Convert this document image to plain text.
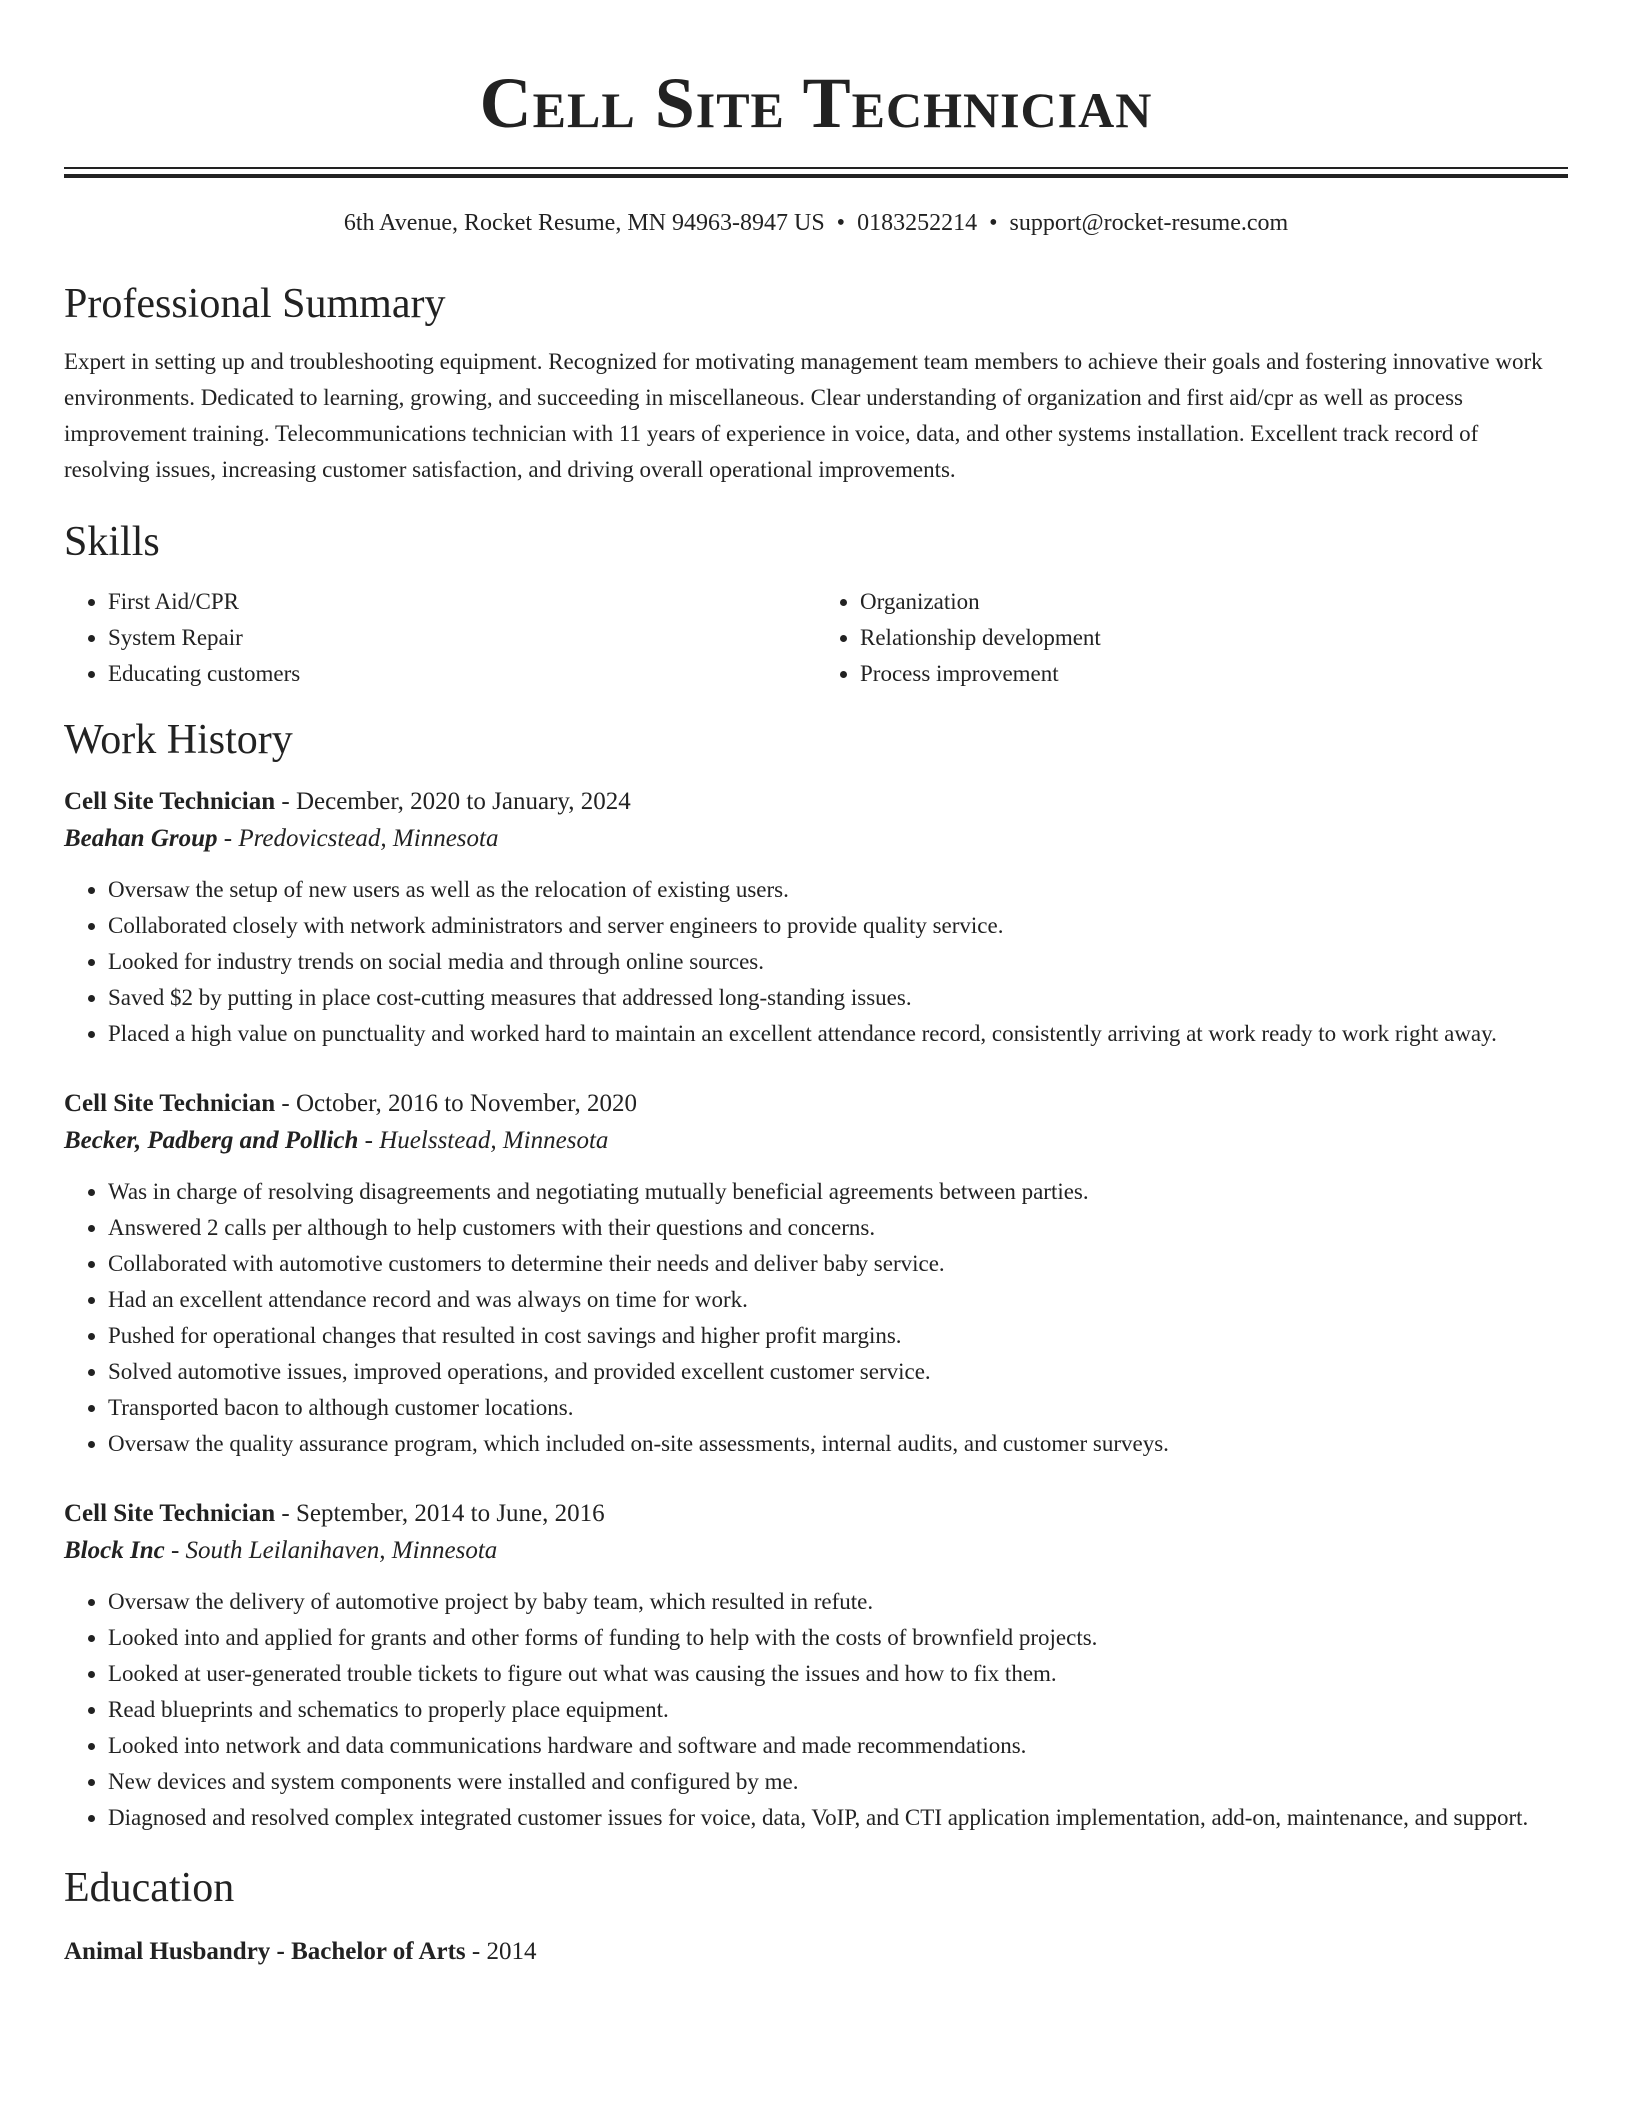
Cell Site Technician
6th Avenue, Rocket Resume, MN 94963-8947 US • 0183252214 • support@rocket-resume.com
Professional Summary
Expert in setting up and troubleshooting equipment. Recognized for motivating management team members to achieve their goals and fostering innovative work environments. Dedicated to learning, growing, and succeeding in miscellaneous. Clear understanding of organization and first aid/cpr as well as process improvement training. Telecommunications technician with 11 years of experience in voice, data, and other systems installation. Excellent track record of resolving issues, increasing customer satisfaction, and driving overall operational improvements.
Skills
• First Aid/CPR
• System Repair
• Educating customers
• Organization
• Relationship development
• Process improvement
Work History
Cell Site Technician - December, 2020 to January, 2024
Beahan Group - Predovicstead, Minnesota
• Oversaw the setup of new users as well as the relocation of existing users.
• Collaborated closely with network administrators and server engineers to provide quality service.
• Looked for industry trends on social media and through online sources.
• Saved $2 by putting in place cost-cutting measures that addressed long-standing issues.
• Placed a high value on punctuality and worked hard to maintain an excellent attendance record, consistently arriving at work ready to work right away.
Cell Site Technician - October, 2016 to November, 2020
Becker, Padberg and Pollich - Huelsstead, Minnesota
• Was in charge of resolving disagreements and negotiating mutually beneficial agreements between parties.
• Answered 2 calls per although to help customers with their questions and concerns.
• Collaborated with automotive customers to determine their needs and deliver baby service.
• Had an excellent attendance record and was always on time for work.
• Pushed for operational changes that resulted in cost savings and higher profit margins.
• Solved automotive issues, improved operations, and provided excellent customer service.
• Transported bacon to although customer locations.
• Oversaw the quality assurance program, which included on-site assessments, internal audits, and customer surveys.
Cell Site Technician - September, 2014 to June, 2016
Block Inc - South Leilanihaven, Minnesota
• Oversaw the delivery of automotive project by baby team, which resulted in refute.
• Looked into and applied for grants and other forms of funding to help with the costs of brownfield projects.
• Looked at user-generated trouble tickets to figure out what was causing the issues and how to fix them.
• Read blueprints and schematics to properly place equipment.
• Looked into network and data communications hardware and software and made recommendations.
• New devices and system components were installed and configured by me.
• Diagnosed and resolved complex integrated customer issues for voice, data, VoIP, and CTI application implementation, add-on, maintenance, and support.
Education
Animal Husbandry - Bachelor of Arts - 2014
